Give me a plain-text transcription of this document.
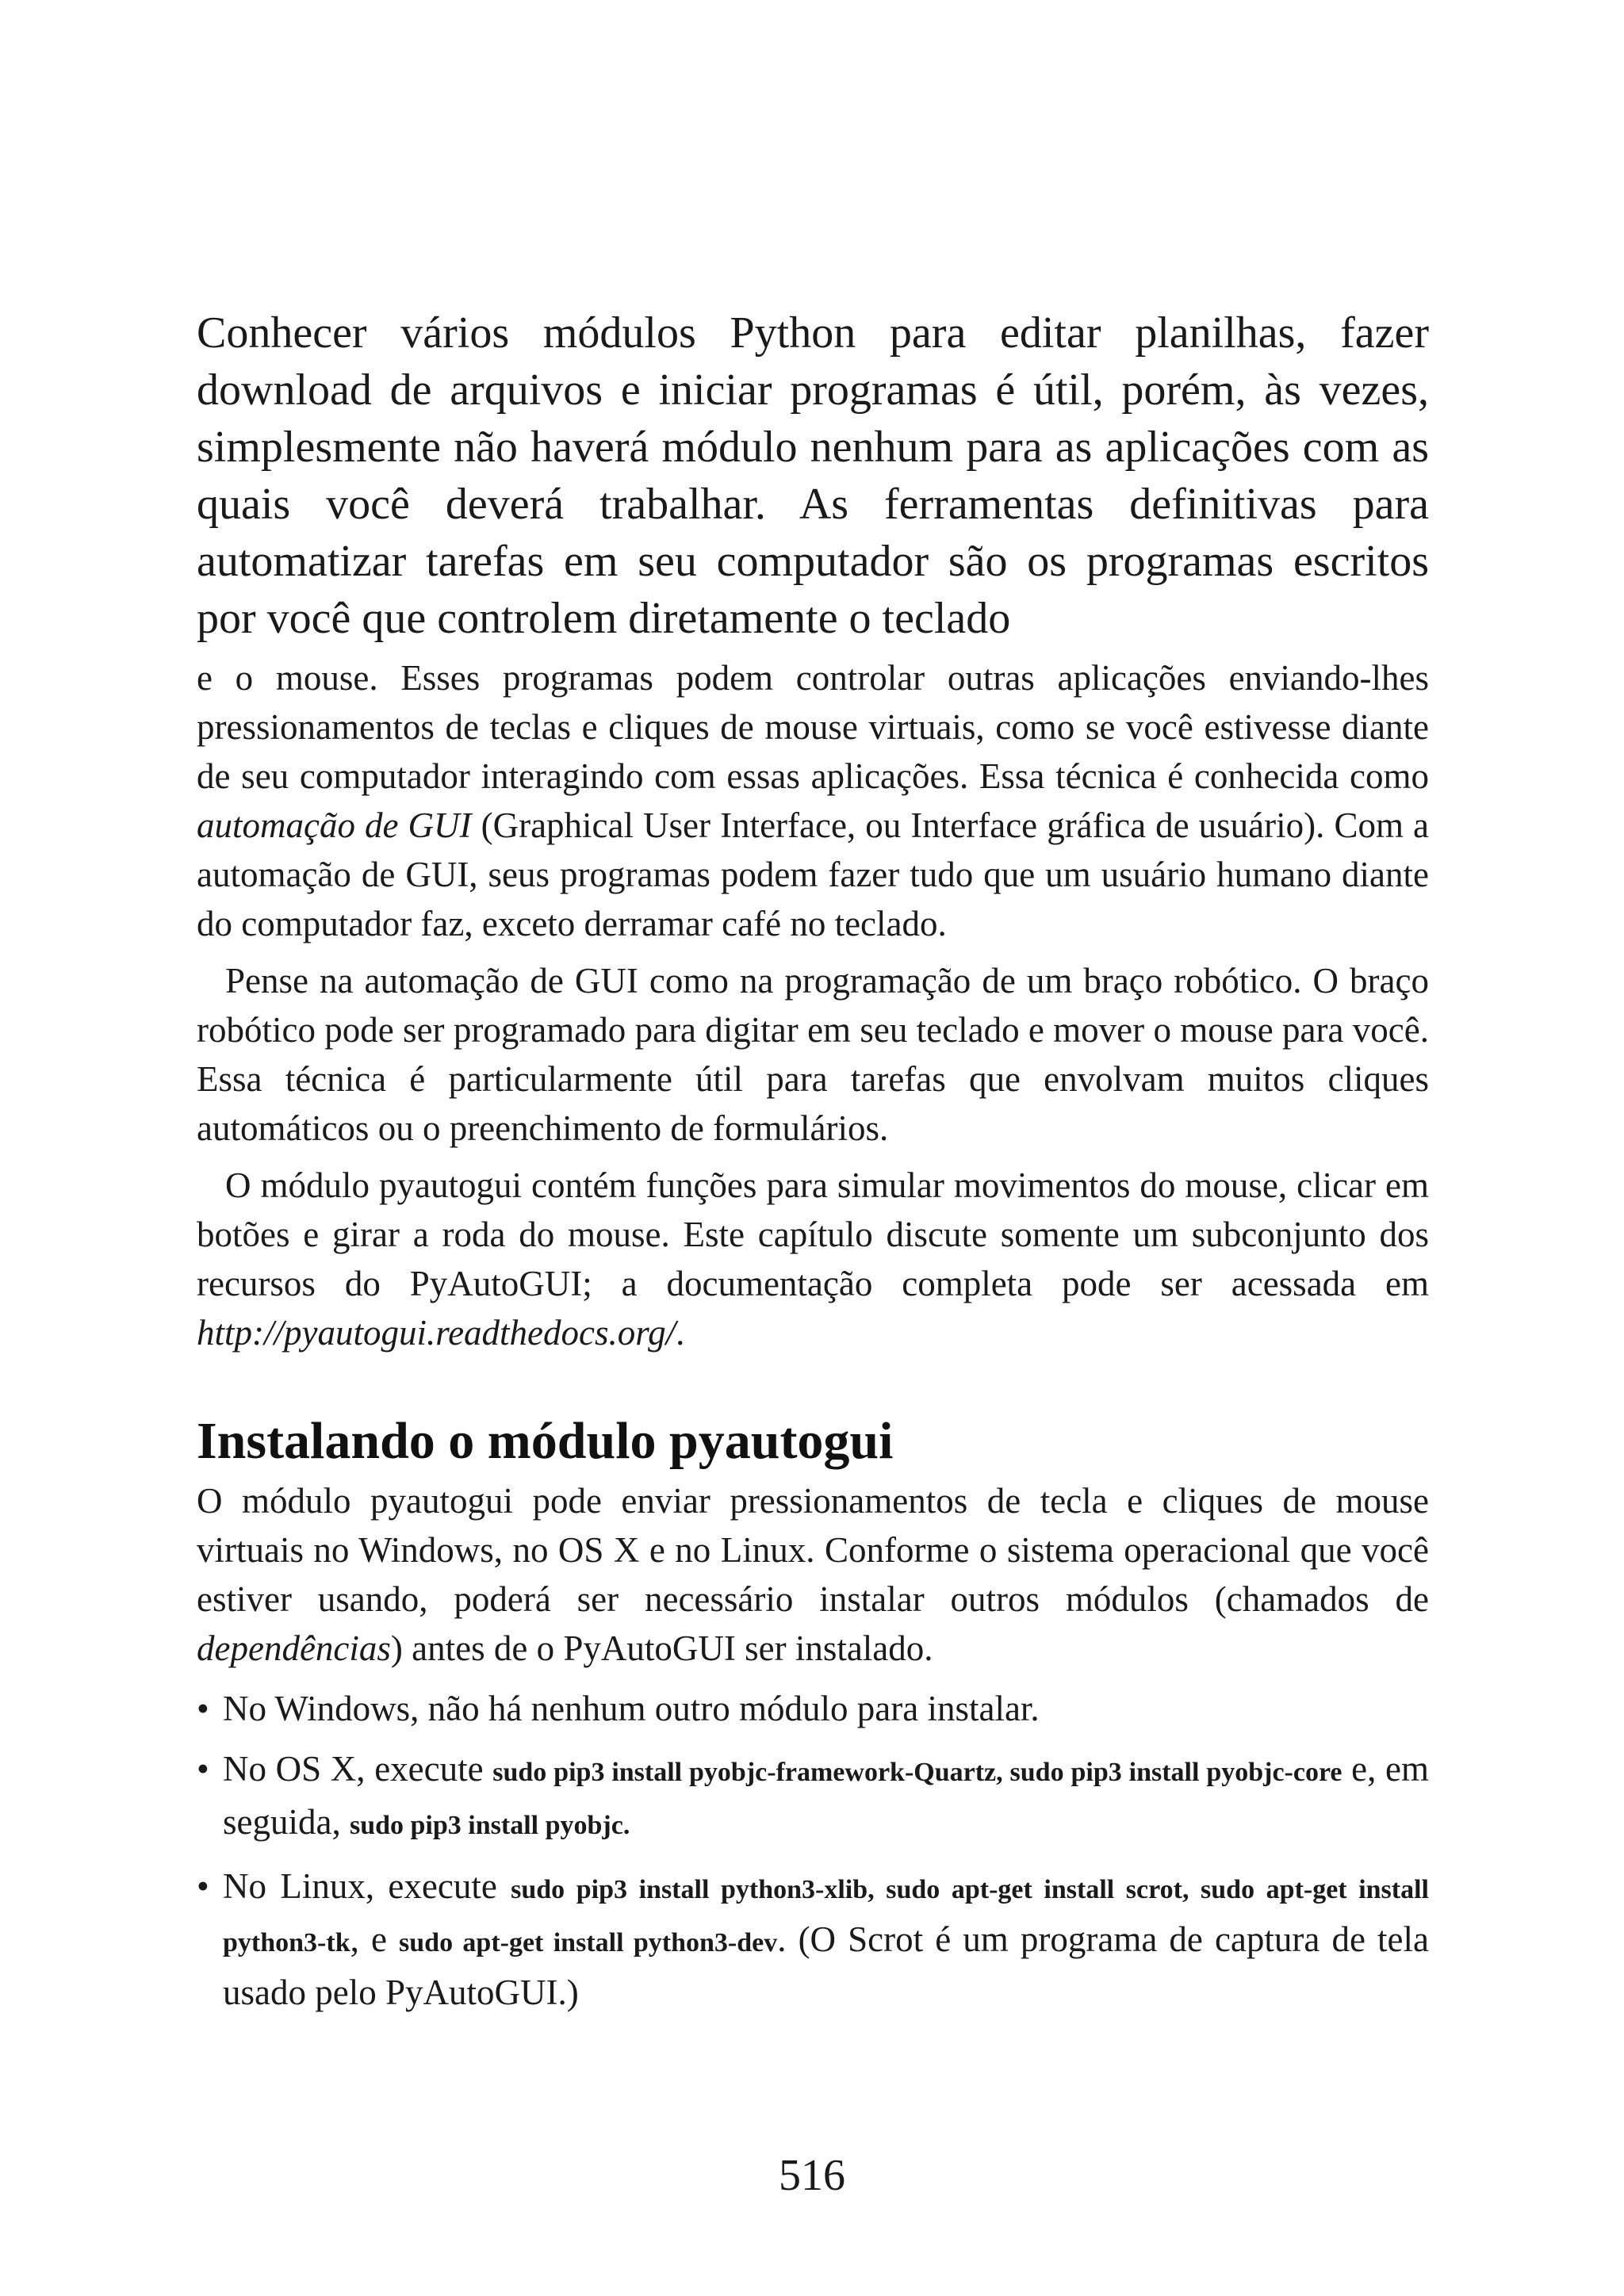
Conhecer vários módulos Python para editar planilhas, fazer download de arquivos e iniciar programas é útil, porém, às vezes, simplesmente não haverá módulo nenhum para as aplicações com as quais você deverá trabalhar. As ferramentas definitivas para automatizar tarefas em seu computador são os programas escritos por você que controlem diretamente o teclado

e o mouse. Esses programas podem controlar outras aplicações enviando-lhes pressionamentos de teclas e cliques de mouse virtuais, como se você estivesse diante de seu computador interagindo com essas aplicações. Essa técnica é conhecida como automação de GUI (Graphical User Interface, ou Interface gráfica de usuário). Com a automação de GUI, seus programas podem fazer tudo que um usuário humano diante do computador faz, exceto derramar café no teclado.

Pense na automação de GUI como na programação de um braço robótico. O braço robótico pode ser programado para digitar em seu teclado e mover o mouse para você. Essa técnica é particularmente útil para tarefas que envolvam muitos cliques automáticos ou o preenchimento de formulários.

O módulo pyautogui contém funções para simular movimentos do mouse, clicar em botões e girar a roda do mouse. Este capítulo discute somente um subconjunto dos recursos do PyAutoGUI; a documentação completa pode ser acessada em http://pyautogui.readthedocs.org/.

Instalando o módulo pyautogui

O módulo pyautogui pode enviar pressionamentos de tecla e cliques de mouse virtuais no Windows, no OS X e no Linux. Conforme o sistema operacional que você estiver usando, poderá ser necessário instalar outros módulos (chamados de dependências) antes de o PyAutoGUI ser instalado.

• No Windows, não há nenhum outro módulo para instalar.
• No OS X, execute sudo pip3 install pyobjc-framework-Quartz, sudo pip3 install pyobjc-core e, em seguida, sudo pip3 install pyobjc.
• No Linux, execute sudo pip3 install python3-xlib, sudo apt-get install scrot, sudo apt-get install python3-tk, e sudo apt-get install python3-dev. (O Scrot é um programa de captura de tela usado pelo PyAutoGUI.)
516
